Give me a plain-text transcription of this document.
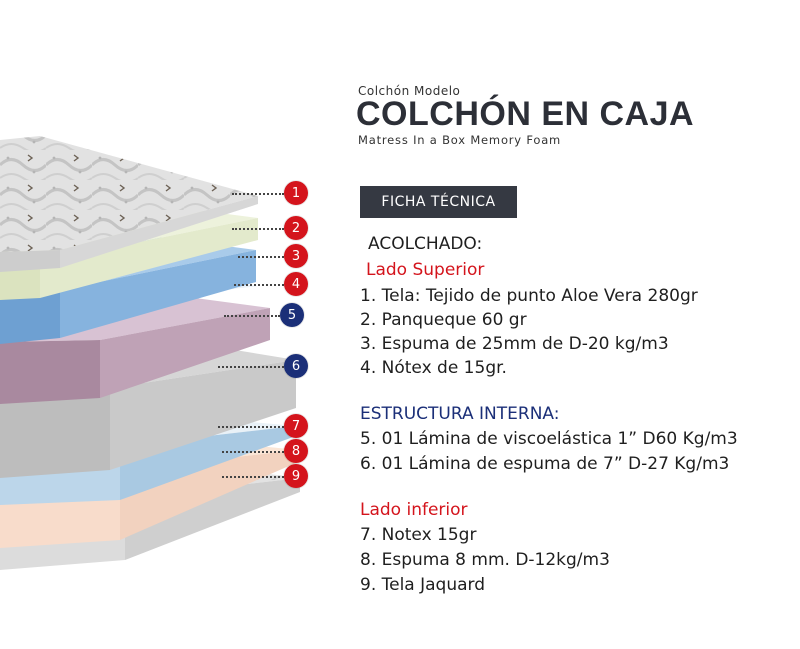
1
2
3
4
5
6
7
8
9
Colchón Modelo
COLCHÓN EN CAJA
Matress In a Box Memory Foam
FICHA TÉCNICA
ACOLCHADO:
Lado Superior
1. Tela: Tejido de punto Aloe Vera 280gr
2. Panqueque 60 gr
3. Espuma de 25mm de D-20 kg/m3
4. Nótex de 15gr.
ESTRUCTURA INTERNA:
5. 01 Lámina de viscoelástica 1” D60 Kg/m3
6. 01 Lámina de espuma de 7” D-27 Kg/m3
Lado inferior
7. Notex 15gr
8. Espuma 8 mm. D-12kg/m3
9. Tela Jaquard
